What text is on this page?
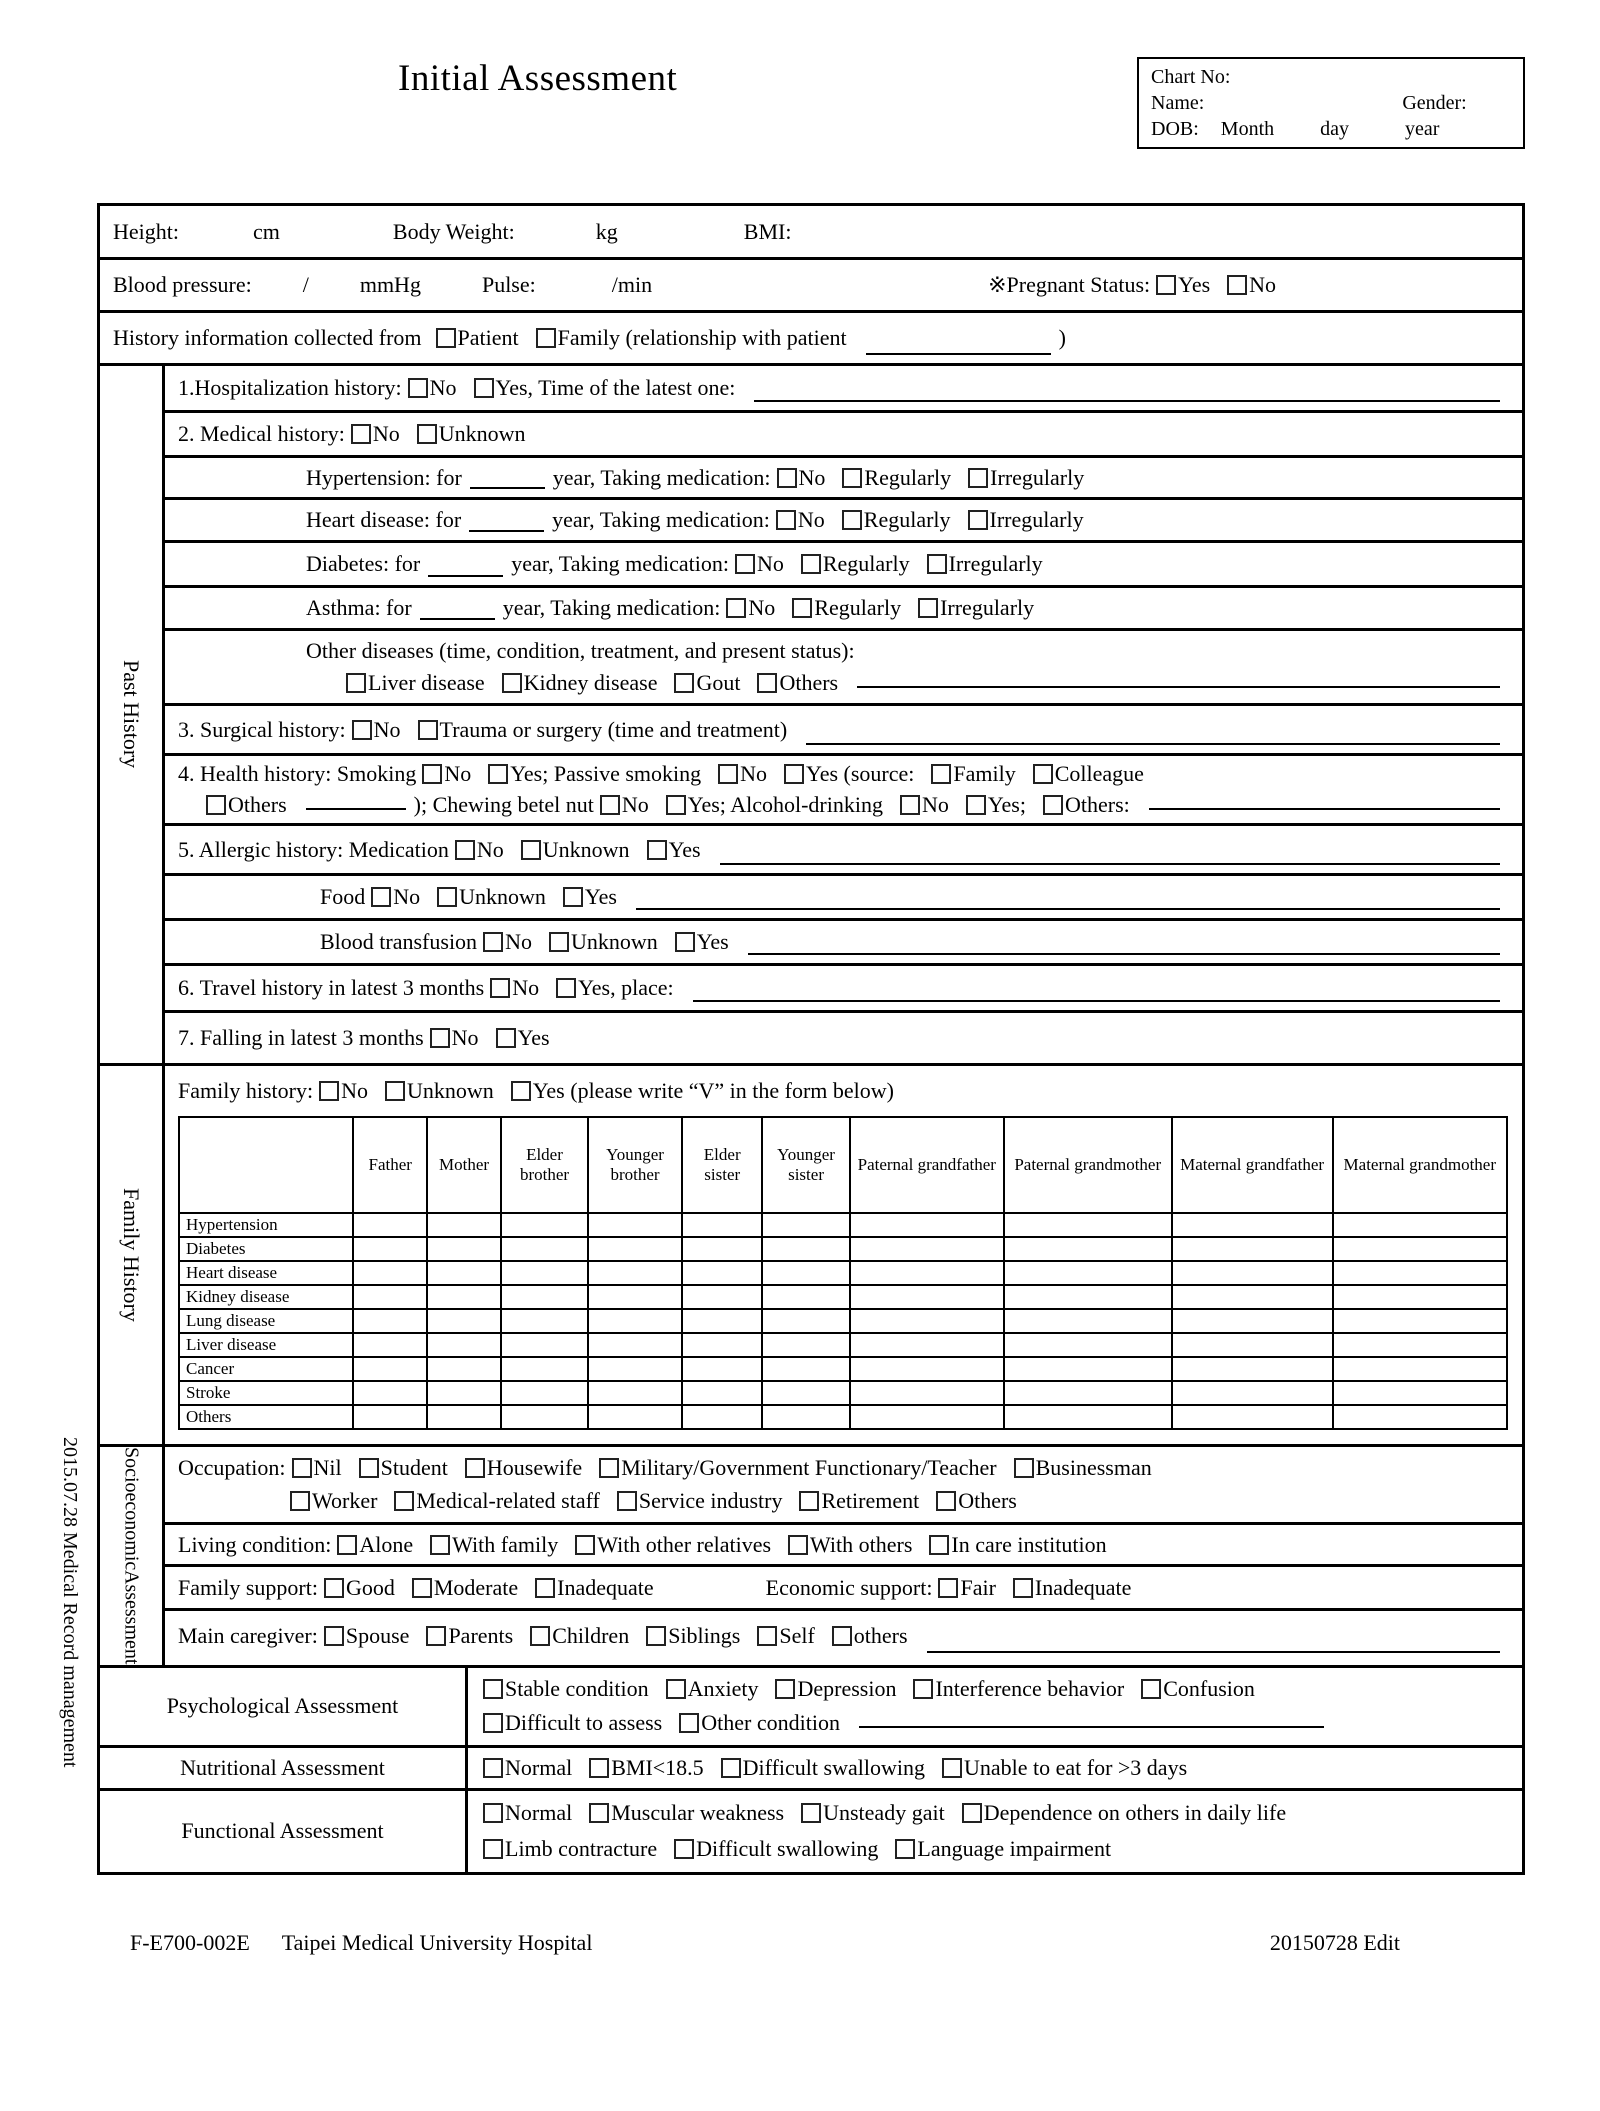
2015.07.28 Medical Record management
Initial Assessment	Chart No:
Name:	Gender:
DOB: Month day	year
Height:	cm	Body Weight:	kg	BMI:
Blood pressure: / mmHg	Pulse:	/min	※Pregnant Status: Yes No
History information collected from Patient Family (relationship with patient	)
Past History
1.Hospitalization history: No Yes, Time of the latest one:
2. Medical history: No Unknown
Hypertension: for	year, Taking medication: No Regularly Irregularly
Heart disease: for	year, Taking medication: No Regularly Irregularly
Diabetes: for	year, Taking medication: No Regularly Irregularly
Asthma: for	year, Taking medication: No Regularly Irregularly
Other diseases (time, condition, treatment, and present status):
Liver disease Kidney disease Gout Others
3. Surgical history: No Trauma or surgery (time and treatment)
4. Health history: Smoking No Yes; Passive smoking No Yes (source: Family Colleague
Others	); Chewing betel nut No Yes; Alcohol-drinking No Yes; Others:
5. Allergic history: Medication No Unknown Yes
Food No Unknown Yes
Blood transfusion No Unknown Yes
6. Travel history in latest 3 months No Yes, place:
7. Falling in latest 3 months No Yes
Family History
Family history: No Unknown Yes (please write “V” in the form below)
	Father	Mother	Elder brother	Younger brother	Elder sister	Younger sister	Paternal grandfather	Paternal grandmother	Maternal grandfather	Maternal grandmother
Hypertension										
Diabetes										
Heart disease										
Kidney disease										
Lung disease										
Liver disease										
Cancer										
Stroke										
Others										
Socioeconomic
Assessment
Occupation: Nil Student Housewife Military/Government Functionary/Teacher Businessman
Worker Medical-related staff Service industry Retirement Others
Living condition: Alone With family With other relatives With others In care institution
Family support: Good Moderate Inadequate	Economic support: Fair Inadequate
Main caregiver: Spouse Parents Children Siblings Self others
Psychological Assessment
Stable condition Anxiety Depression Interference behavior Confusion
Difficult to assess Other condition
Nutritional Assessment	Normal BMI<18.5 Difficult swallowing Unable to eat for >3 days
Functional Assessment
Normal Muscular weakness Unsteady gait Dependence on others in daily life
Limb contracture Difficult swallowing Language impairment
F-E700-002E Taipei Medical University Hospital	20150728 Edit
